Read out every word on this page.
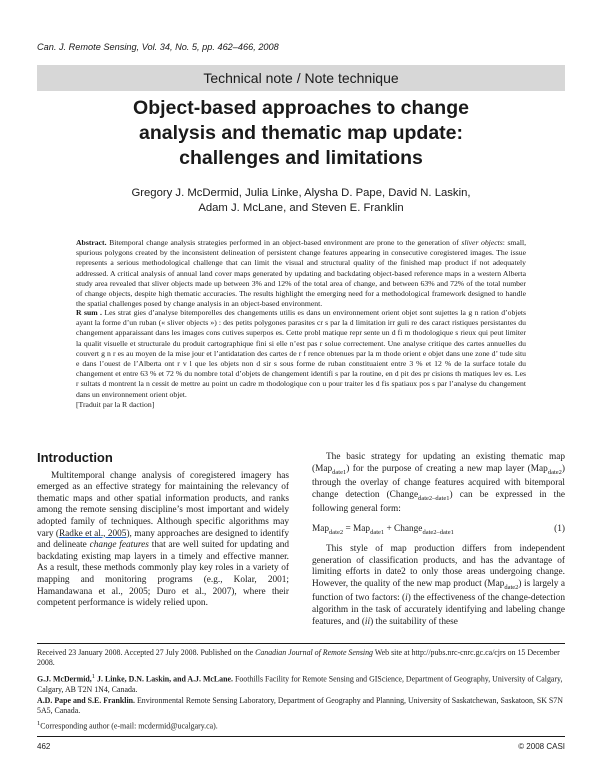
Can. J. Remote Sensing, Vol. 34, No. 5, pp. 462–466, 2008
Technical note / Note technique
Object-based approaches to change
analysis and thematic map update:
challenges and limitations
Gregory J. McDermid, Julia Linke, Alysha D. Pape, David N. Laskin,
Adam J. McLane, and Steven E. Franklin
Abstract. Bitemporal change analysis strategies performed in an object-based environment are prone to the generation of sliver objects: small, spurious polygons created by the inconsistent delineation of persistent change features appearing in consecutive coregistered images. The issue represents a serious methodological challenge that can limit the visual and structural quality of the finished map product if not adequately addressed. A critical analysis of annual land cover maps generated by updating and backdating object-based reference maps in a western Alberta study area revealed that sliver objects made up between 3% and 12% of the total area of change, and between 63% and 72% of the total number of change objects, despite high thematic accuracies. The results highlight the emerging need for a methodological framework designed to handle the spatial challenges posed by change analysis in an object-based environment.
R sum . Les strat gies d’analyse bitemporelles des changements utilis es dans un environnement orient objet sont sujettes la g n ration d’objets ayant la forme d’un ruban (« sliver objects ») : des petits polygones parasites cr s par la d limitation irr guli re des caract ristiques persistantes du changement apparaissant dans les images cons cutives superpos es. Cette probl matique repr sente un d fi m thodologique s rieux qui peut limiter la qualit visuelle et structurale du produit cartographique fini si elle n’est pas r solue correctement. Une analyse critique des cartes annuelles du couvert g n r es au moyen de la mise jour et l’antidatation des cartes de r f rence obtenues par la m thode orient e objet dans une zone d’ tude situ e dans l’ouest de l’Alberta ont r v l que les objets non d sir s sous forme de ruban constituaient entre 3 % et 12 % de la surface totale du changement et entre 63 % et 72 % du nombre total d’objets de changement identifi s par la routine, en d pit des pr cisions th matiques lev es. Les r sultats d montrent la n cessit de mettre au point un cadre m thodologique con u pour traiter les d fis spatiaux pos s par l’analyse du changement dans un environnement orient objet.
[Traduit par la R daction]
Introduction

Multitemporal change analysis of coregistered imagery has emerged as an effective strategy for maintaining the relevancy of thematic maps and other spatial information products, and ranks among the remote sensing discipline’s most important and widely adopted family of techniques. Although specific algorithms may vary (Radke et al., 2005), many approaches are designed to identify and delineate change features that are well suited for updating and backdating existing map layers in a timely and effective manner. As a result, these methods commonly play key roles in a variety of mapping and monitoring programs (e.g., Kolar, 2001; Hamandawana et al., 2005; Duro et al., 2007), where their competent performance is widely relied upon.

The basic strategy for updating an existing thematic map (Map$_{date1}$) for the purpose of creating a new map layer (Map$_{date2}$) through the overlay of change features acquired with bitemporal change detection (Change$_{date2-date1}$) can be expressed in the following general form:

Map$_{date2}$ = Map$_{date1}$ + Change$_{date2-date1}$	(1)

This style of map production differs from independent generation of classification products, and has the advantage of limiting efforts in date2 to only those areas undergoing change. However, the quality of the new map product (Map$_{date2}$) is largely a function of two factors: (i) the effectiveness of the change-detection algorithm in the task of accurately identifying and labeling change features, and (ii) the suitability of these

Received 23 January 2008. Accepted 27 July 2008. Published on the Canadian Journal of Remote Sensing Web site at http://pubs.nrc-cnrc.gc.ca/cjrs on 15 December 2008.
G.J. McDermid,$^1$ J. Linke, D.N. Laskin, and A.J. McLane. Foothills Facility for Remote Sensing and GIScience, Department of Geography, University of Calgary, Calgary, AB T2N 1N4, Canada.
A.D. Pape and S.E. Franklin. Environmental Remote Sensing Laboratory, Department of Geography and Planning, University of Saskatchewan, Saskatoon, SK S7N 5A5, Canada.
$^1$Corresponding author (e-mail: mcdermid@ucalgary.ca).
462	© 2008 CASI
